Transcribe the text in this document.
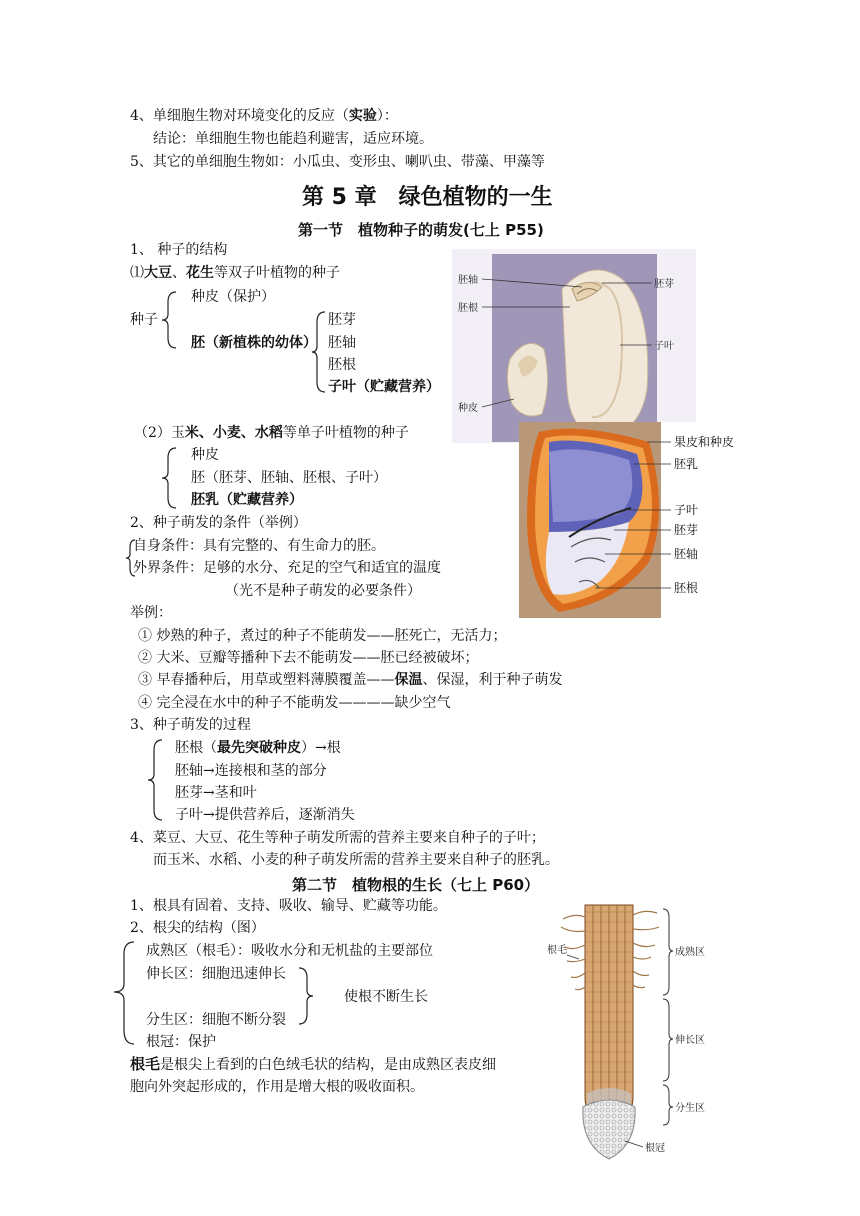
4、单细胞生物对环境变化的反应（实验）：
结论：单细胞生物也能趋利避害，适应环境。
5、其它的单细胞生物如：小瓜虫、变形虫、喇叭虫、带藻、甲藻等
第 5 章　绿色植物的一生
第一节　植物种子的萌发(七上 P55)
1、 种子的结构
⑴大豆、花生等双子叶植物的种子
种子
种皮（保护）
胚（新植株的幼体）
胚芽
胚轴
胚根
子叶（贮藏营养）
胚轴
胚根
种皮
胚芽
子叶
（2）玉米、小麦、水稻等单子叶植物的种子
种皮
胚（胚芽、胚轴、胚根、子叶）
胚乳（贮藏营养）
果皮和种皮
胚乳
子叶
胚芽
胚轴
胚根
2、种子萌发的条件（举例）
自身条件：具有完整的、有生命力的胚。
外界条件：足够的水分、充足的空气和适宜的温度
（光不是种子萌发的必要条件）
举例：
① 炒熟的种子，煮过的种子不能萌发——胚死亡，无活力；
② 大米、豆瓣等播种下去不能萌发——胚已经被破坏；
③ 早春播种后，用草或塑料薄膜覆盖——保温、保湿，利于种子萌发
④ 完全浸在水中的种子不能萌发————缺少空气
3、种子萌发的过程
胚根（最先突破种皮）→根
胚轴→连接根和茎的部分
胚芽→茎和叶
子叶→提供营养后，逐渐消失
4、菜豆、大豆、花生等种子萌发所需的营养主要来自种子的子叶；
而玉米、水稻、小麦的种子萌发所需的营养主要来自种子的胚乳。
第二节　植物根的生长（七上 P60）
1、根具有固着、支持、吸收、输导、贮藏等功能。
2、根尖的结构（图）
成熟区（根毛）：吸收水分和无机盐的主要部位
伸长区：细胞迅速伸长
分生区：细胞不断分裂
根冠：保护
使根不断生长
根毛是根尖上看到的白色绒毛状的结构，是由成熟区表皮细
胞向外突起形成的，作用是增大根的吸收面积。
根毛	成熟区
伸长区
分生区
根冠
